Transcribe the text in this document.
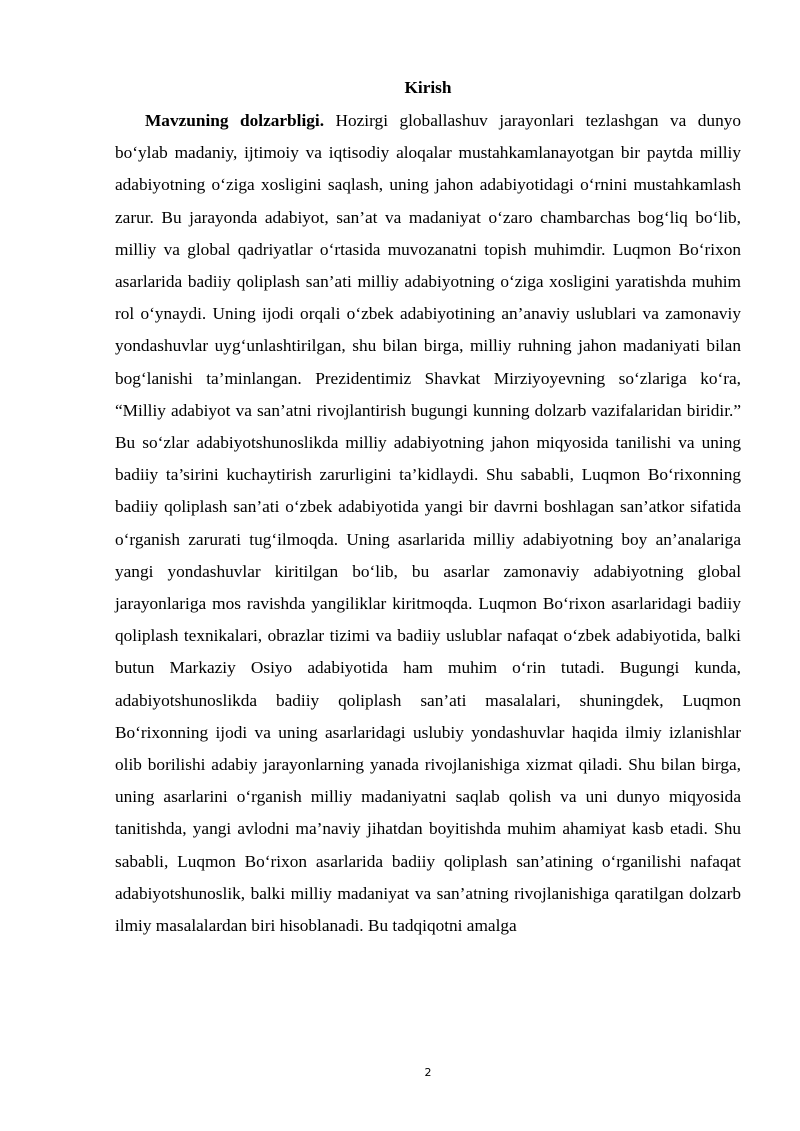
Kirish

Mavzuning dolzarbligi. Hozirgi globallashuv jarayonlari tezlashgan va dunyo bo‘ylab madaniy, ijtimoiy va iqtisodiy aloqalar mustahkamlanayotgan bir paytda milliy adabiyotning o‘ziga xosligini saqlash, uning jahon adabiyotidagi o‘rnini mustahkamlash zarur. Bu jarayonda adabiyot, san’at va madaniyat o‘zaro chambarchas bog‘liq bo‘lib, milliy va global qadriyatlar o‘rtasida muvozanatni topish muhimdir. Luqmon Bo‘rixon asarlarida badiiy qoliplash san’ati milliy adabiyotning o‘ziga xosligini yaratishda muhim rol o‘ynaydi. Uning ijodi orqali o‘zbek adabiyotining an’anaviy uslublari va zamonaviy yondashuvlar uyg‘unlashtirilgan, shu bilan birga, milliy ruhning jahon madaniyati bilan bog‘lanishi ta’minlangan. Prezidentimiz Shavkat Mirziyoyevning so‘zlariga ko‘ra, “Milliy adabiyot va san’atni rivojlantirish bugungi kunning dolzarb vazifalaridan biridir.” Bu so‘zlar adabiyotshunoslikda milliy adabiyotning jahon miqyosida tanilishi va uning badiiy ta’sirini kuchaytirish zarurligini ta’kidlaydi. Shu sababli, Luqmon Bo‘rixonning badiiy qoliplash san’ati o‘zbek adabiyotida yangi bir davrni boshlagan san’atkor sifatida o‘rganish zarurati tug‘ilmoqda. Uning asarlarida milliy adabiyotning boy an’analariga yangi yondashuvlar kiritilgan bo‘lib, bu asarlar zamonaviy adabiyotning global jarayonlariga mos ravishda yangiliklar kiritmoqda. Luqmon Bo‘rixon asarlaridagi badiiy qoliplash texnikalari, obrazlar tizimi va badiiy uslublar nafaqat o‘zbek adabiyotida, balki butun Markaziy Osiyo adabiyotida ham muhim o‘rin tutadi. Bugungi kunda, adabiyotshunoslikda badiiy qoliplash san’ati masalalari, shuningdek, Luqmon Bo‘rixonning ijodi va uning asarlaridagi uslubiy yondashuvlar haqida ilmiy izlanishlar olib borilishi adabiy jarayonlarning yanada rivojlanishiga xizmat qiladi. Shu bilan birga, uning asarlarini o‘rganish milliy madaniyatni saqlab qolish va uni dunyo miqyosida tanitishda, yangi avlodni ma’naviy jihatdan boyitishda muhim ahamiyat kasb etadi. Shu sababli, Luqmon Bo‘rixon asarlarida badiiy qoliplash san’atining o‘rganilishi nafaqat adabiyotshunoslik, balki milliy madaniyat va san’atning rivojlanishiga qaratilgan dolzarb ilmiy masalalardan biri hisoblanadi. Bu tadqiqotni amalga

2
